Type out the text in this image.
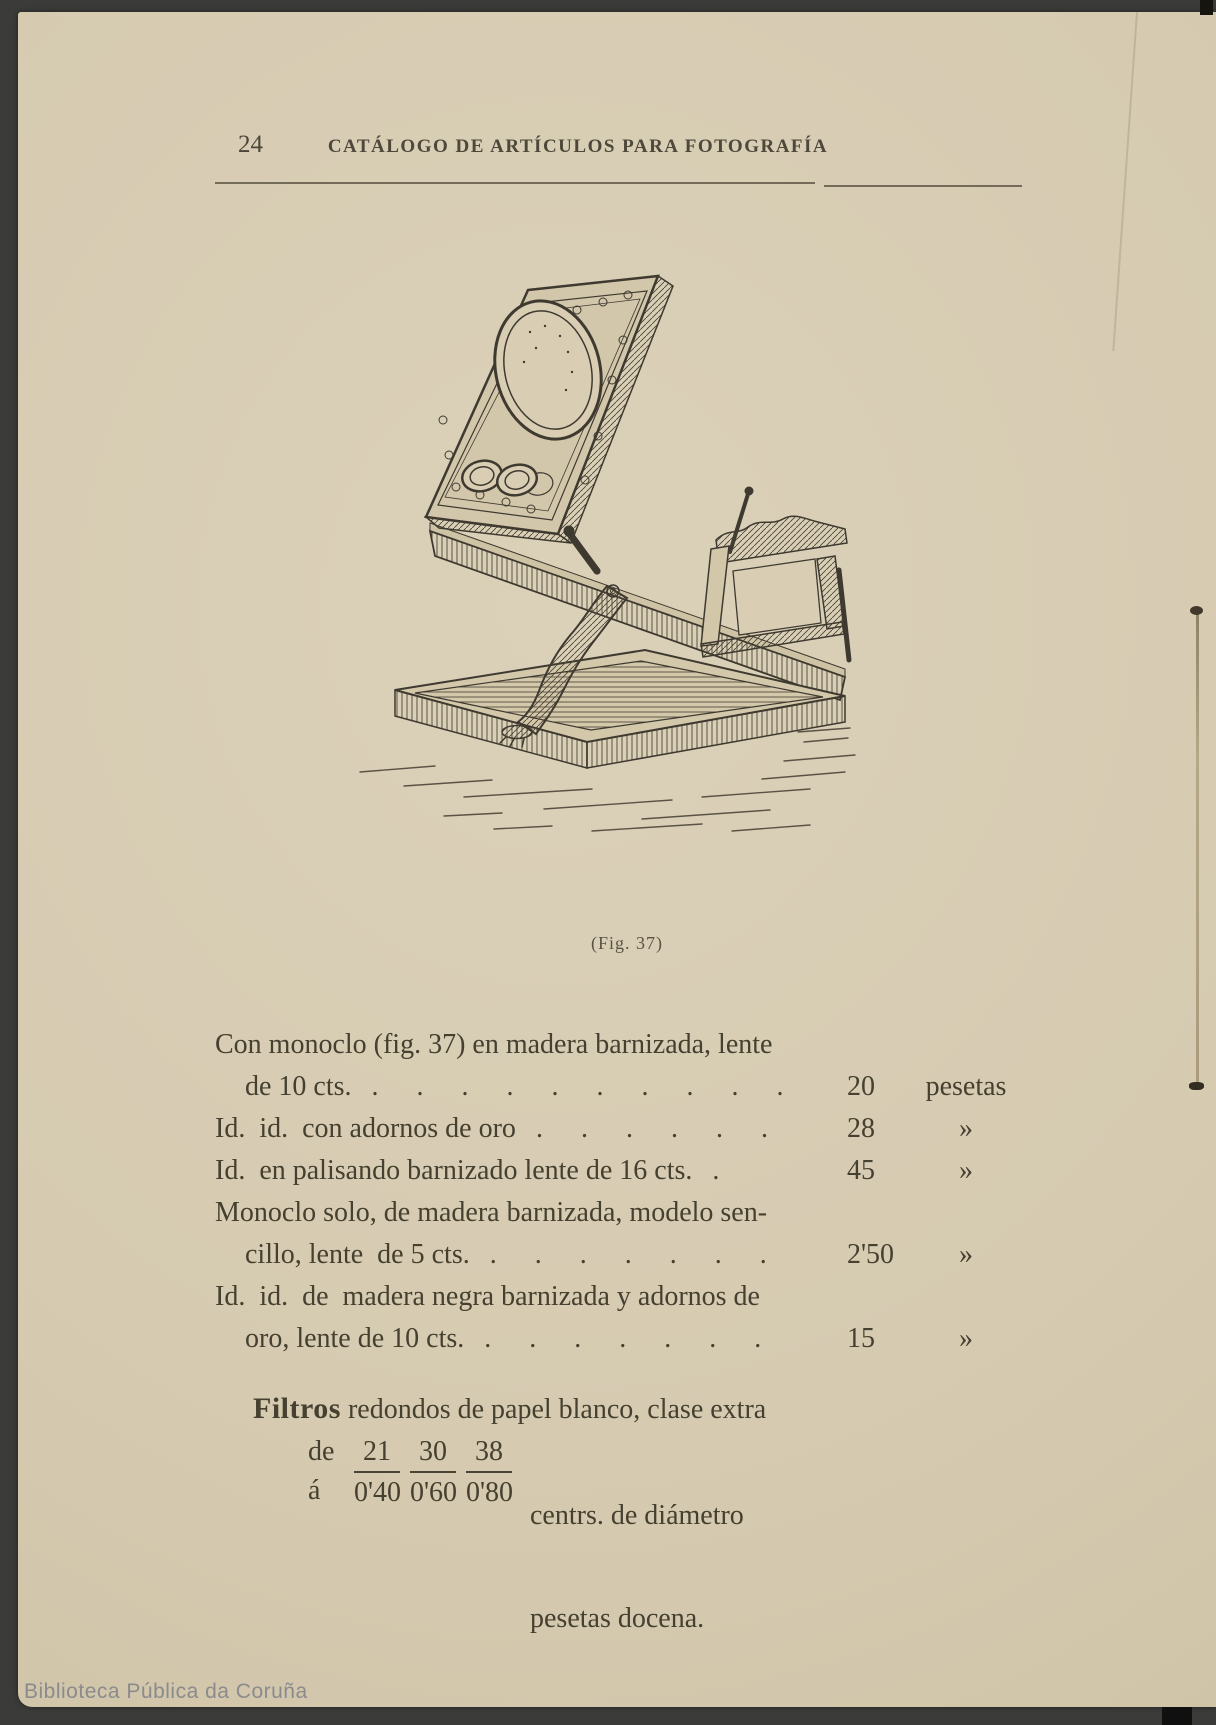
24	CATÁLOGO DE ARTÍCULOS PARA FOTOGRAFÍA
(Fig. 37)
Con monoclo (fig. 37) en madera barnizada, lente
de 10 cts. .......... 20	pesetas
Id.  id.  con adornos de oro ......	28	»
Id.  en palisando barnizado lente de 16 cts. .	45	»
Monoclo solo, de madera barnizada, modelo sen-
cillo, lente  de 5 cts. .......	2'50	»
Id.  id.  de  madera negra barnizada y adornos de
oro, lente de 10 cts. .......	15	»
Filtros redondos de papel blanco, clase extra
de
á	$\frac{21}{0'40} \frac{30}{0'60} \frac{38}{0'80}$

centrs. de diámetro

pesetas docena.

Biblioteca Pública da Coruña
